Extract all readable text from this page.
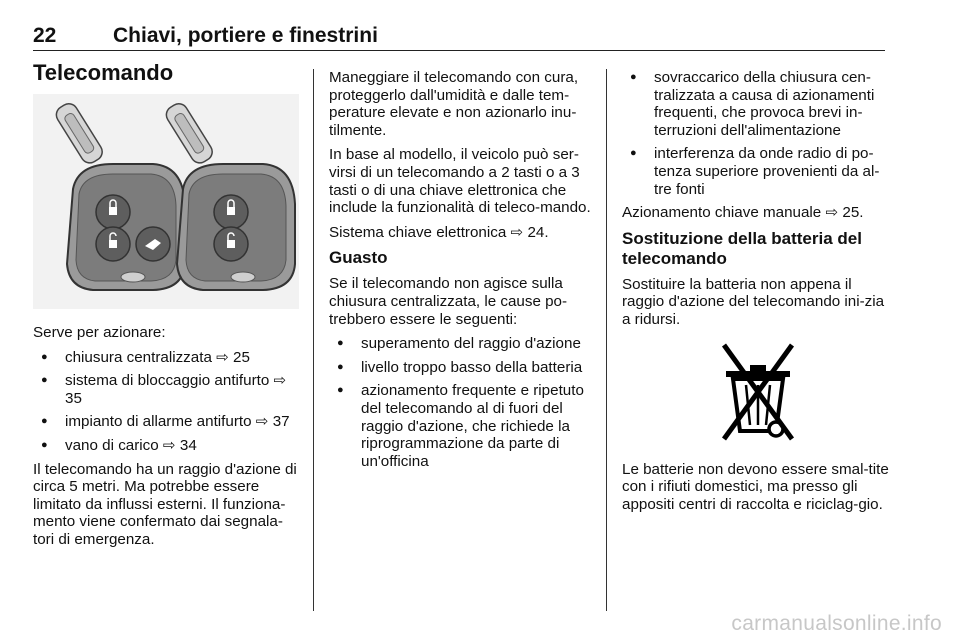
22	Chiavi, portiere e finestrini
Telecomando

Serve per azionare:

● chiusura centralizzata ⇨ 25
● sistema di bloccaggio antifurto ⇨ 35
● impianto di allarme antifurto ⇨ 37
● vano di carico ⇨ 34

Il telecomando ha un raggio d'azione di circa 5 metri. Ma potrebbe essere limitato da influssi esterni. Il funziona-mento viene confermato dai segnala-tori di emergenza.

Maneggiare il telecomando con cura, proteggerlo dall'umidità e dalle tem-perature elevate e non azionarlo inu-tilmente.

In base al modello, il veicolo può ser-virsi di un telecomando a 2 tasti o a 3 tasti o di una chiave elettronica che include la funzionalità di teleco-mando.

Sistema chiave elettronica ⇨ 24.

Guasto

Se il telecomando non agisce sulla chiusura centralizzata, le cause po-trebbero essere le seguenti:

● superamento del raggio d'azione
● livello troppo basso della batteria
● azionamento frequente e ripetuto del telecomando al di fuori del raggio d'azione, che richiede la riprogrammazione da parte di un'officina
● sovraccarico della chiusura cen-tralizzata a causa di azionamenti frequenti, che provoca brevi in-terruzioni dell'alimentazione
● interferenza da onde radio di po-tenza superiore provenienti da al-tre fonti

Azionamento chiave manuale ⇨ 25.

Sostituzione della batteria del telecomando

Sostituire la batteria non appena il raggio d'azione del telecomando ini-zia a ridursi.

Le batterie non devono essere smal-tite con i rifiuti domestici, ma presso gli appositi centri di raccolta e riciclag-gio.

carmanualsonline.info
